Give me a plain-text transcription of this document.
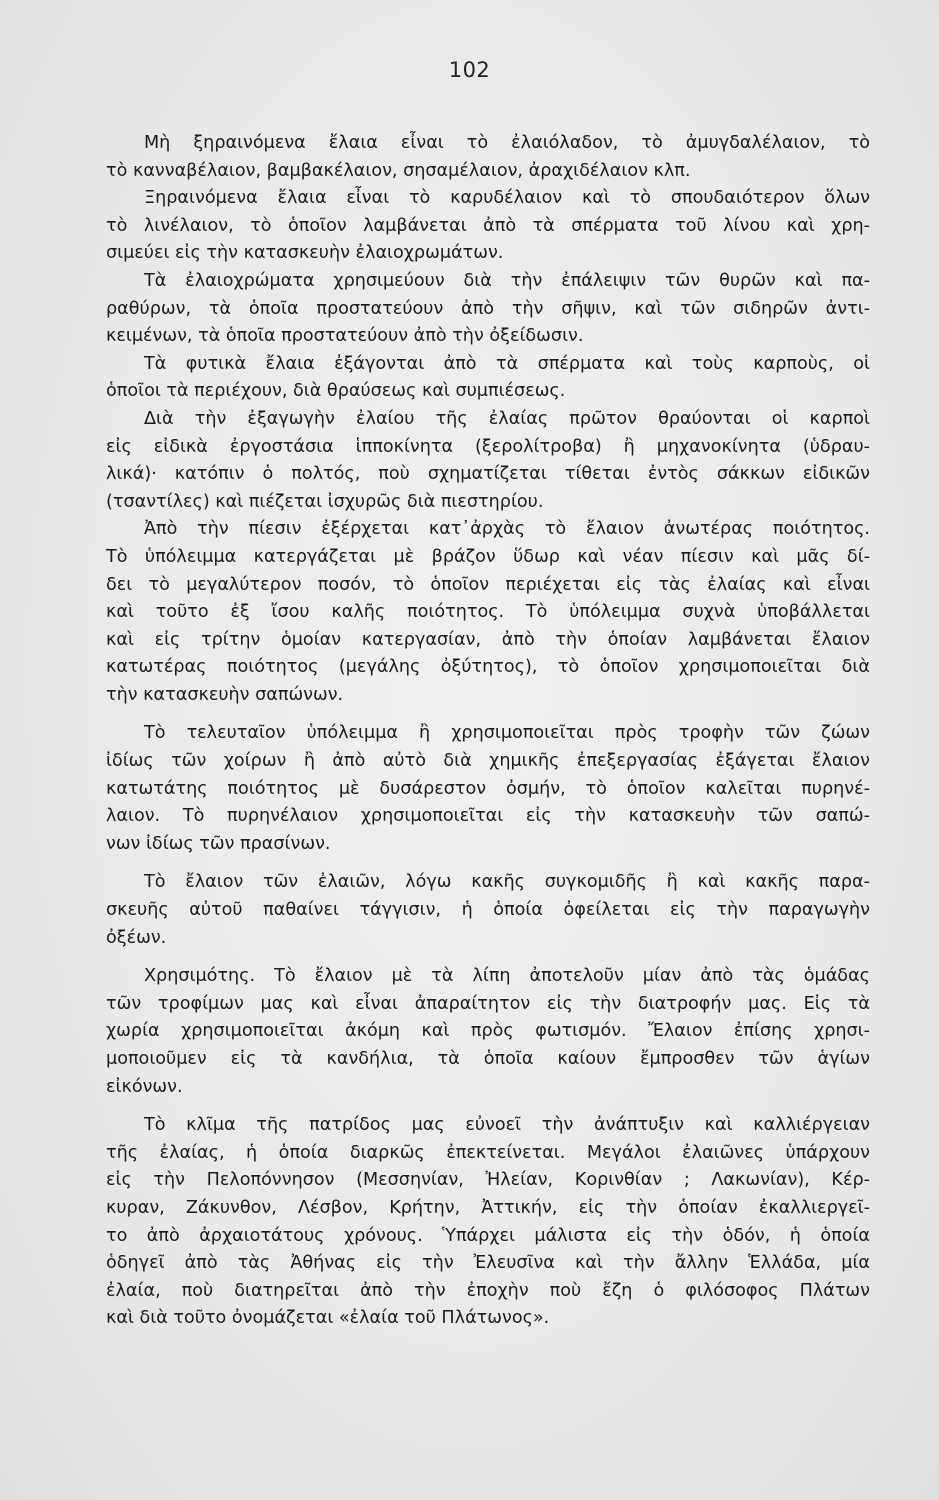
102
Μὴ ξηραινόμενα ἔλαια εἶναι τὸ ἐλαιόλαδον, τὸ ἀμυγδαλέλαιον, τὸ
τὸ κανναβέλαιον, βαμβακέλαιον, σησαμέλαιον, ἀραχιδέλαιον κλπ.
Ξηραινόμενα ἔλαια εἶναι τὸ καρυδέλαιον καὶ τὸ σπουδαιότερον ὅλων
τὸ λινέλαιον, τὸ ὁποῖον λαμβάνεται ἀπὸ τὰ σπέρματα τοῦ λίνου καὶ χρη-
σιμεύει εἰς τὴν κατασκευὴν ἐλαιοχρωμάτων.
Τὰ ἐλαιοχρώματα χρησιμεύουν διὰ τὴν ἐπάλειψιν τῶν θυρῶν καὶ πα-
ραθύρων, τὰ ὁποῖα προστατεύουν ἀπὸ τὴν σῆψιν, καὶ τῶν σιδηρῶν ἀντι-
κειμένων, τὰ ὁποῖα προστατεύουν ἀπὸ τὴν ὀξείδωσιν.
Τὰ φυτικὰ ἔλαια ἐξάγονται ἀπὸ τὰ σπέρματα καὶ τοὺς καρποὺς, οἱ
ὁποῖοι τὰ περιέχουν, διὰ θραύσεως καὶ συμπιέσεως.
Διὰ τὴν ἐξαγωγὴν ἐλαίου τῆς ἐλαίας πρῶτον θραύονται οἱ καρποὶ
εἰς εἰδικὰ ἐργοστάσια ἱπποκίνητα (ξερολίτροβα) ἢ μηχανοκίνητα (ὑδραυ-
λικά)· κατόπιν ὁ πολτός, ποὺ σχηματίζεται τίθεται ἐντὸς σάκκων εἰδικῶν
(τσαντίλες) καὶ πιέζεται ἰσχυρῶς διὰ πιεστηρίου.
Ἀπὸ τὴν πίεσιν ἐξέρχεται κατ᾽ἀρχὰς τὸ ἔλαιον ἀνωτέρας ποιότητος.
Τὸ ὑπόλειμμα κατεργάζεται μὲ βράζον ὕδωρ καὶ νέαν πίεσιν καὶ μᾶς δί-
δει τὸ μεγαλύτερον ποσόν, τὸ ὁποῖον περιέχεται εἰς τὰς ἐλαίας καὶ εἶναι
καὶ τοῦτο ἐξ ἴσου καλῆς ποιότητος. Τὸ ὑπόλειμμα συχνὰ ὑποβάλλεται
καὶ εἰς τρίτην ὁμοίαν κατεργασίαν, ἀπὸ τὴν ὁποίαν λαμβάνεται ἔλαιον
κατωτέρας ποιότητος (μεγάλης ὀξύτητος), τὸ ὁποῖον χρησιμοποιεῖται διὰ
τὴν κατασκευὴν σαπώνων.
Τὸ τελευταῖον ὑπόλειμμα ἢ χρησιμοποιεῖται πρὸς τροφὴν τῶν ζώων
ἰδίως τῶν χοίρων ἢ ἀπὸ αὐτὸ διὰ χημικῆς ἐπεξεργασίας ἐξάγεται ἔλαιον
κατωτάτης ποιότητος μὲ δυσάρεστον ὀσμήν, τὸ ὁποῖον καλεῖται πυρηνέ-
λαιον. Τὸ πυρηνέλαιον χρησιμοποιεῖται εἰς τὴν κατασκευὴν τῶν σαπώ-
νων ἰδίως τῶν πρασίνων.
Τὸ ἔλαιον τῶν ἐλαιῶν, λόγω κακῆς συγκομιδῆς ἢ καὶ κακῆς παρα-
σκευῆς αὐτοῦ παθαίνει τάγγισιν, ἡ ὁποία ὀφείλεται εἰς τὴν παραγωγὴν
ὀξέων.
Χρησιμότης. Τὸ ἔλαιον μὲ τὰ λίπη ἀποτελοῦν μίαν ἀπὸ τὰς ὁμάδας
τῶν τροφίμων μας καὶ εἶναι ἀπαραίτητον εἰς τὴν διατροφήν μας. Εἰς τὰ
χωρία χρησιμοποιεῖται ἀκόμη καὶ πρὸς φωτισμόν. Ἔλαιον ἐπίσης χρησι-
μοποιοῦμεν εἰς τὰ κανδήλια, τὰ ὁποῖα καίουν ἔμπροσθεν τῶν ἁγίων
εἰκόνων.
Τὸ κλῖμα τῆς πατρίδος μας εὐνοεῖ τὴν ἀνάπτυξιν καὶ καλλιέργειαν
τῆς ἐλαίας, ἡ ὁποία διαρκῶς ἐπεκτείνεται. Μεγάλοι ἐλαιῶνες ὑπάρχουν
εἰς τὴν Πελοπόννησον (Μεσσηνίαν, Ἠλείαν, Κορινθίαν ; Λακωνίαν), Κέρ-
κυραν, Ζάκυνθον, Λέσβον, Κρήτην, Ἀττικήν, εἰς τὴν ὁποίαν ἐκαλλιεργεῖ-
το ἀπὸ ἀρχαιοτάτους χρόνους. Ὑπάρχει μάλιστα εἰς τὴν ὁδόν, ἡ ὁποία
ὁδηγεῖ ἀπὸ τὰς Ἀθήνας εἰς τὴν Ἐλευσῖνα καὶ τὴν ἄλλην Ἑλλάδα, μία
ἐλαία, ποὺ διατηρεῖται ἀπὸ τὴν ἐποχὴν ποὺ ἔζη ὁ φιλόσοφος Πλάτων
καὶ διὰ τοῦτο ὀνομάζεται «ἐλαία τοῦ Πλάτωνος».
